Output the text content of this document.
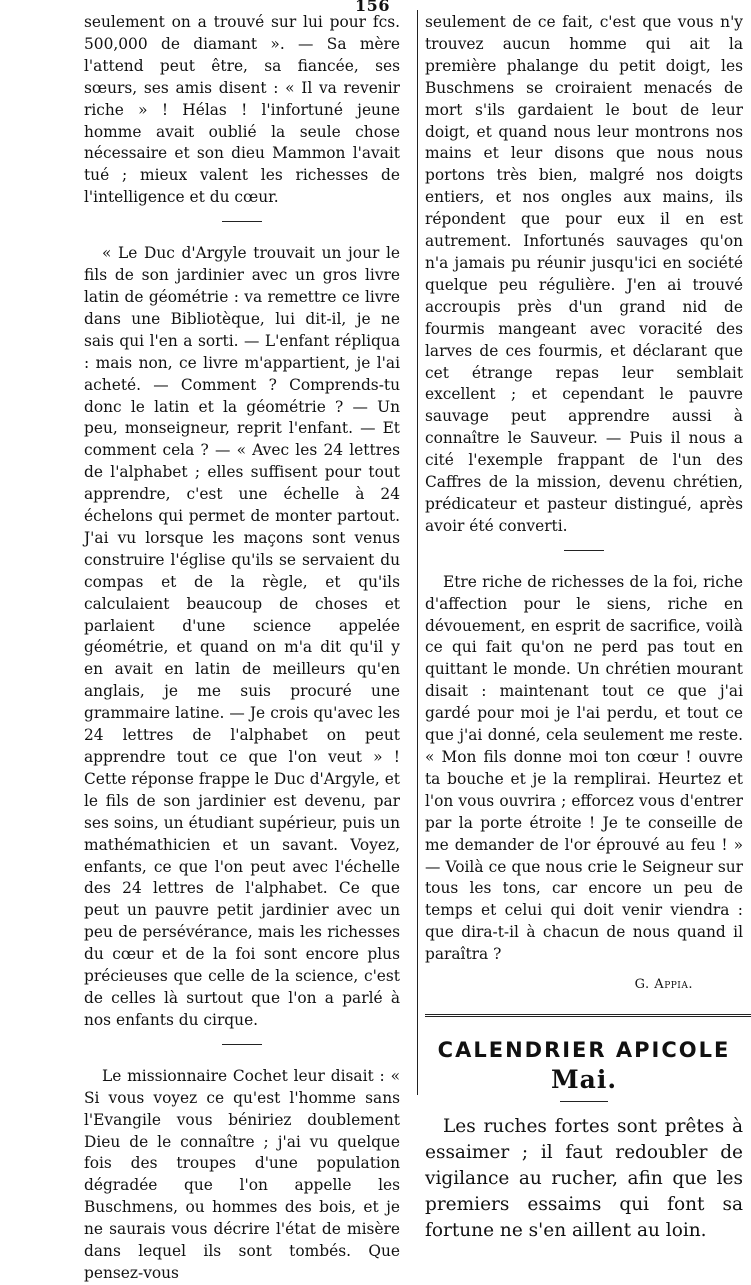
156

seulement on a trouvé sur lui pour fcs. 500,000 de diamant ». — Sa mère l'attend peut être, sa fiancée, ses sœurs, ses amis disent : « Il va revenir riche » ! Hélas ! l'infortuné jeune homme avait oublié la seule chose nécessaire et son dieu Mammon l'avait tué ; mieux valent les richesses de l'intelligence et du cœur.

« Le Duc d'Argyle trouvait un jour le fils de son jardinier avec un gros livre latin de géométrie : va remettre ce livre dans une Bibliotèque, lui dit-il, je ne sais qui l'en a sorti. — L'enfant répliqua : mais non, ce livre m'appartient, je l'ai acheté. — Comment ? Comprends-tu donc le latin et la géométrie ? — Un peu, monseigneur, reprit l'enfant. — Et comment cela ? — « Avec les 24 lettres de l'alphabet ; elles suffisent pour tout apprendre, c'est une échelle à 24 échelons qui permet de monter partout. J'ai vu lorsque les maçons sont venus construire l'église qu'ils se servaient du compas et de la règle, et qu'ils calculaient beaucoup de choses et parlaient d'une science appelée géométrie, et quand on m'a dit qu'il y en avait en latin de meilleurs qu'en anglais, je me suis procuré une grammaire latine. — Je crois qu'avec les 24 lettres de l'alphabet on peut apprendre tout ce que l'on veut » ! Cette réponse frappe le Duc d'Argyle, et le fils de son jardinier est devenu, par ses soins, un étudiant supérieur, puis un mathémathicien et un savant. Voyez, enfants, ce que l'on peut avec l'échelle des 24 lettres de l'alphabet. Ce que peut un pauvre petit jardinier avec un peu de persévérance, mais les richesses du cœur et de la foi sont encore plus précieuses que celle de la science, c'est de celles là surtout que l'on a parlé à nos enfants du cirque.

Le missionnaire Cochet leur disait : « Si vous voyez ce qu'est l'homme sans l'Evangile vous béniriez doublement Dieu de le connaître ; j'ai vu quelque fois des troupes d'une population dégradée que l'on appelle les Buschmens, ou hommes des bois, et je ne saurais vous décrire l'état de misère dans lequel ils sont tombés. Que pensez-vous

seulement de ce fait, c'est que vous n'y trouvez aucun homme qui ait la première phalange du petit doigt, les Buschmens se croiraient menacés de mort s'ils gardaient le bout de leur doigt, et quand nous leur montrons nos mains et leur disons que nous nous portons très bien, malgré nos doigts entiers, et nos ongles aux mains, ils répondent que pour eux il en est autrement. Infortunés sauvages qu'on n'a jamais pu réunir jusqu'ici en société quelque peu régulière. J'en ai trouvé accroupis près d'un grand nid de fourmis mangeant avec voracité des larves de ces fourmis, et déclarant que cet étrange repas leur semblait excellent ; et cependant le pauvre sauvage peut apprendre aussi à connaître le Sauveur. — Puis il nous a cité l'exemple frappant de l'un des Caffres de la mission, devenu chrétien, prédicateur et pasteur distingué, après avoir été converti.

Etre riche de richesses de la foi, riche d'affection pour le siens, riche en dévouement, en esprit de sacrifice, voilà ce qui fait qu'on ne perd pas tout en quittant le monde. Un chrétien mourant disait : maintenant tout ce que j'ai gardé pour moi je l'ai perdu, et tout ce que j'ai donné, cela seulement me reste. « Mon fils donne moi ton cœur ! ouvre ta bouche et je la remplirai. Heurtez et l'on vous ouvrira ; efforcez vous d'entrer par la porte étroite ! Je te conseille de me demander de l'or éprouvé au feu ! » — Voilà ce que nous crie le Seigneur sur tous les tons, car encore un peu de temps et celui qui doit venir viendra : que dira-t-il à chacun de nous quand il paraîtra ?

G. Appia.
CALENDRIER APICOLE
Mai.

Les ruches fortes sont prêtes à essaimer ; il faut redoubler de vigilance au rucher, afin que les premiers essaims qui font sa fortune ne s'en aillent au loin.
